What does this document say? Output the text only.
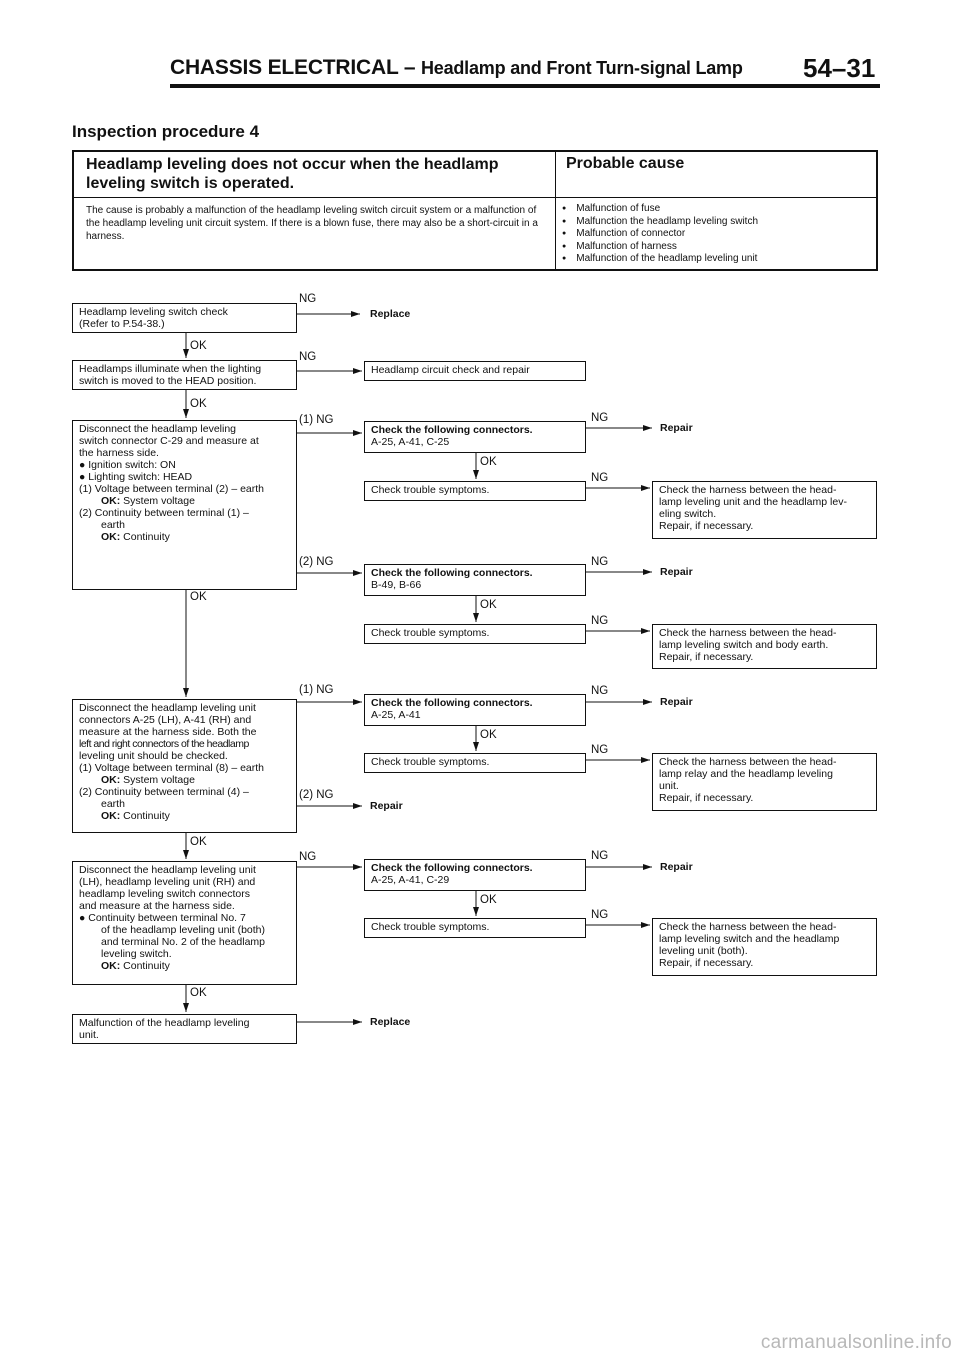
CHASSIS ELECTRICAL – Headlamp and Front Turn-signal Lamp 54–31
Inspection procedure 4
Headlamp leveling does not occur when the headlamp leveling switch is operated.
Probable cause
The cause is probably a malfunction of the headlamp leveling switch circuit system or a malfunction of the headlamp leveling unit circuit system. If there is a blown fuse, there may also be a short-circuit in a harness.
● Malfunction of fuse
● Malfunction the headlamp leveling switch
● Malfunction of connector
● Malfunction of harness
● Malfunction of the headlamp leveling unit

Headlamp leveling switch check

(Refer to P.54-38.)

NG
Replace
OK

Headlamps illuminate when the lighting

switch is moved to the HEAD position.

NG

Headlamp circuit check and repair

OK

Disconnect the headlamp leveling

switch connector C-29 and measure at

the harness side.

● Ignition switch: ON

● Lighting switch: HEAD

(1) Voltage between terminal (2) – earth

OK: System voltage

(2) Continuity between terminal (1) –

earth

OK: Continuity

(1) NG
(2) NG
OK

Check the following connectors.

A-25, A-41, C-25

NG
Repair
OK

Check trouble symptoms.

NG

Check the harness between the head-

lamp leveling unit and the headlamp lev-

eling switch.

Repair, if necessary.

Check the following connectors.

B-49, B-66

NG
Repair
OK

Check trouble symptoms.

NG

Check the harness between the head-

lamp leveling switch and body earth.

Repair, if necessary.

Disconnect the headlamp leveling unit

connectors A-25 (LH), A-41 (RH) and

measure at the harness side. Both the

left and right connectors of the headlamp

leveling unit should be checked.

(1) Voltage between terminal (8) – earth

OK: System voltage

(2) Continuity between terminal (4) –

earth

OK: Continuity

(1) NG
(2) NG
Repair
OK

Check the following connectors.

A-25, A-41

NG
Repair
OK

Check trouble symptoms.

NG

Check the harness between the head-

lamp relay and the headlamp leveling

unit.

Repair, if necessary.

Disconnect the headlamp leveling unit

(LH), headlamp leveling unit (RH) and

headlamp leveling switch connectors

and measure at the harness side.

● Continuity between terminal No. 7

of the headlamp leveling unit (both)

and terminal No. 2 of the headlamp

leveling switch.

OK: Continuity

NG
OK

Check the following connectors.

A-25, A-41, C-29

NG
Repair
OK

Check trouble symptoms.

NG

Check the harness between the head-

lamp leveling switch and the headlamp

leveling unit (both).

Repair, if necessary.

Malfunction of the headlamp leveling

unit.

Replace
carmanualsonline.info
